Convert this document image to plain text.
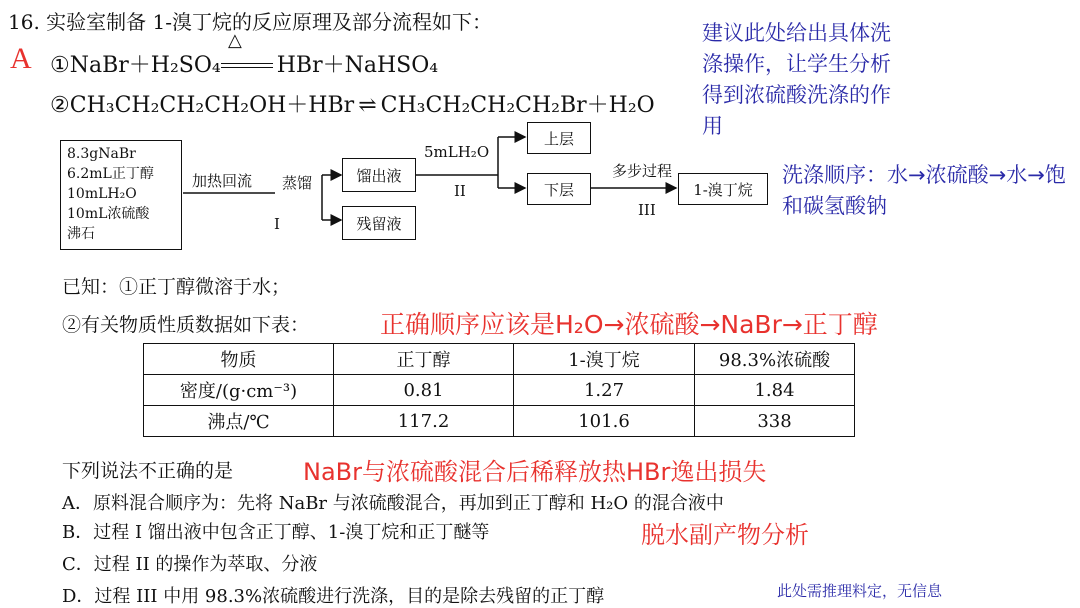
16. 实验室制备 1-溴丁烷的反应原理及部分流程如下：
A ①NaBr＋H₂SO₄	HBr＋NaHSO₄
△
②CH₃CH₂CH₂CH₂OH＋HBr ⇌ CH₃CH₂CH₂CH₂Br＋H₂O
建议此处给出具体洗涤操作，让学生分析得到浓硫酸洗涤的作用
洗涤顺序：水→浓硫酸→水→饱和碳氢酸钠
8.3gNaBr
6.2mL正丁醇
10mLH₂O
10mL浓硫酸
沸石
加热回流 蒸馏
I
馏出液
残留液
5mLH₂O
II
上层
下层
多步过程
III
1-溴丁烷
已知：①正丁醇微溶于水；
②有关物质性质数据如下表：	正确顺序应该是H₂O→浓硫酸→NaBr→正丁醇
物质	正丁醇	1-溴丁烷	98.3%浓硫酸
密度/(g·cm⁻³)	0.81	1.27	1.84
沸点/℃	117.2	101.6	338
下列说法不正确的是	NaBr与浓硫酸混合后稀释放热HBr逸出损失
A．原料混合顺序为：先将 NaBr 与浓硫酸混合，再加到正丁醇和 H₂O 的混合液中
B．过程 I 馏出液中包含正丁醇、1-溴丁烷和正丁醚等	脱水副产物分析
C．过程 II 的操作为萃取、分液
D．过程 III 中用 98.3%浓硫酸进行洗涤，目的是除去残留的正丁醇	此处需推理料定，无信息
